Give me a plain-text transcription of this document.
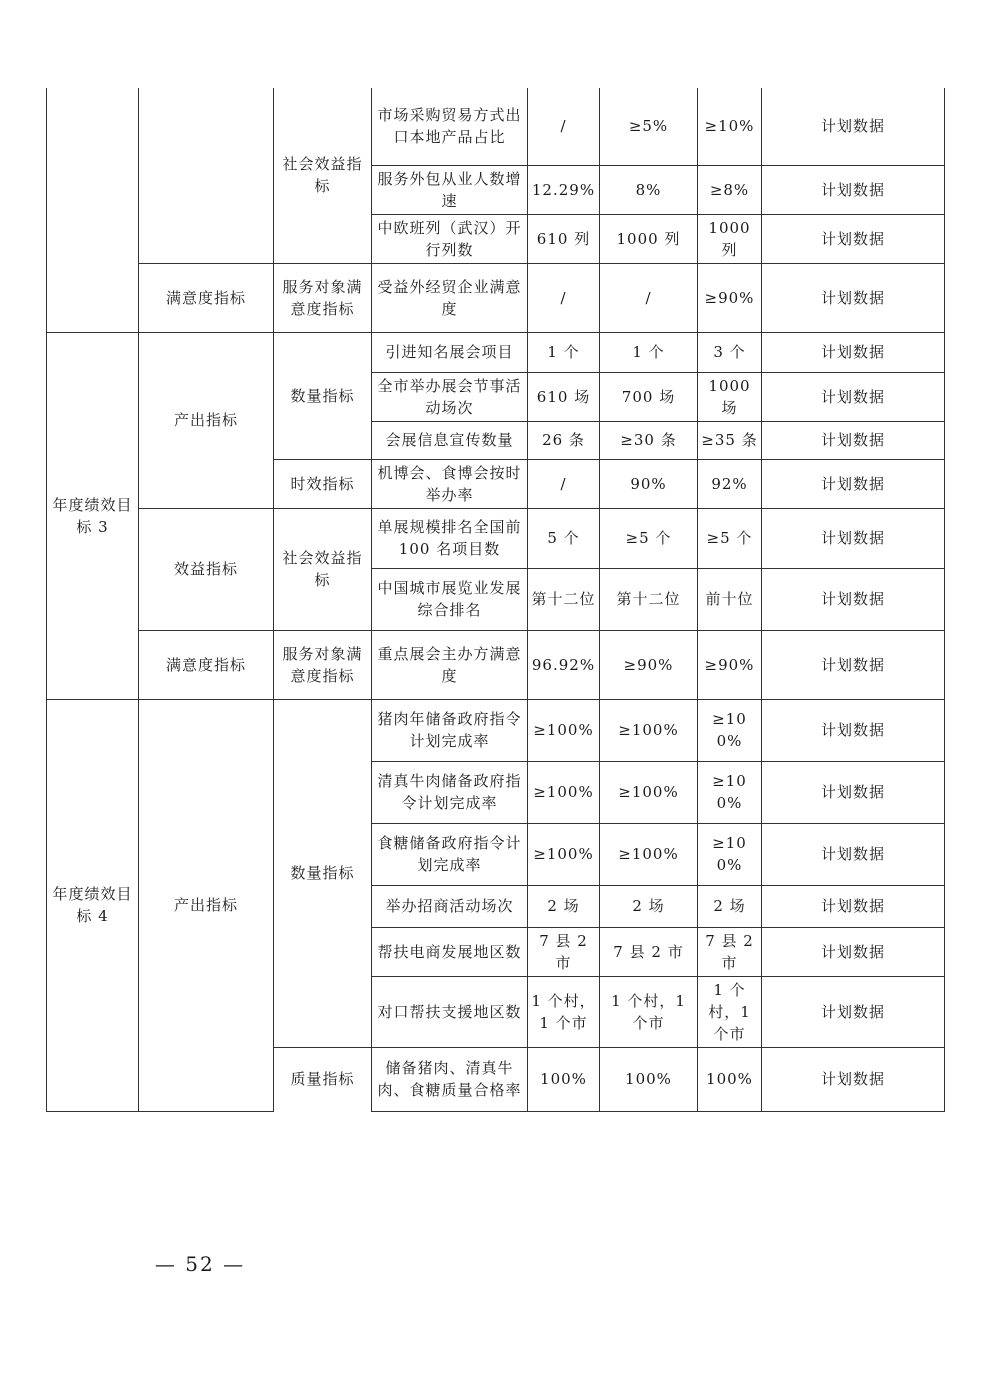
		社会效益指标	市场采购贸易方式出口本地产品占比	/	≥5%	≥10%	计划数据
			服务外包从业人数增速	12.29%	8%	≥8%	计划数据
			中欧班列（武汉）开行列数	610 列	1000 列	1000 列	计划数据
	满意度指标	服务对象满意度指标	受益外经贸企业满意度	/	/	≥90%	计划数据
年度绩效目标 3	产出指标	数量指标	引进知名展会项目	1 个	1 个	3 个	计划数据
			全市举办展会节事活动场次	610 场	700 场	1000 场	计划数据
			会展信息宣传数量	26 条	≥30 条	≥35 条	计划数据
		时效指标	机博会、食博会按时举办率	/	90%	92%	计划数据
	效益指标	社会效益指标	单展规模排名全国前 100 名项目数	5 个	≥5 个	≥5 个	计划数据
			中国城市展览业发展综合排名	第十二位	第十二位	前十位	计划数据
	满意度指标	服务对象满意度指标	重点展会主办方满意度	96.92%	≥90%	≥90%	计划数据
年度绩效目标 4	产出指标	数量指标	猪肉年储备政府指令计划完成率	≥100%	≥100%	≥100%	计划数据
			清真牛肉储备政府指令计划完成率	≥100%	≥100%	≥100%	计划数据
			食糖储备政府指令计划完成率	≥100%	≥100%	≥100%	计划数据
			举办招商活动场次	2 场	2 场	2 场	计划数据
			帮扶电商发展地区数	7 县 2 市	7 县 2 市	7 县 2 市	计划数据
			对口帮扶支援地区数	1 个村，1 个市	1 个村，1 个市	1 个村，1 个市	计划数据
		质量指标	储备猪肉、清真牛肉、食糖质量合格率	100%	100%	100%	计划数据
— 52 —
